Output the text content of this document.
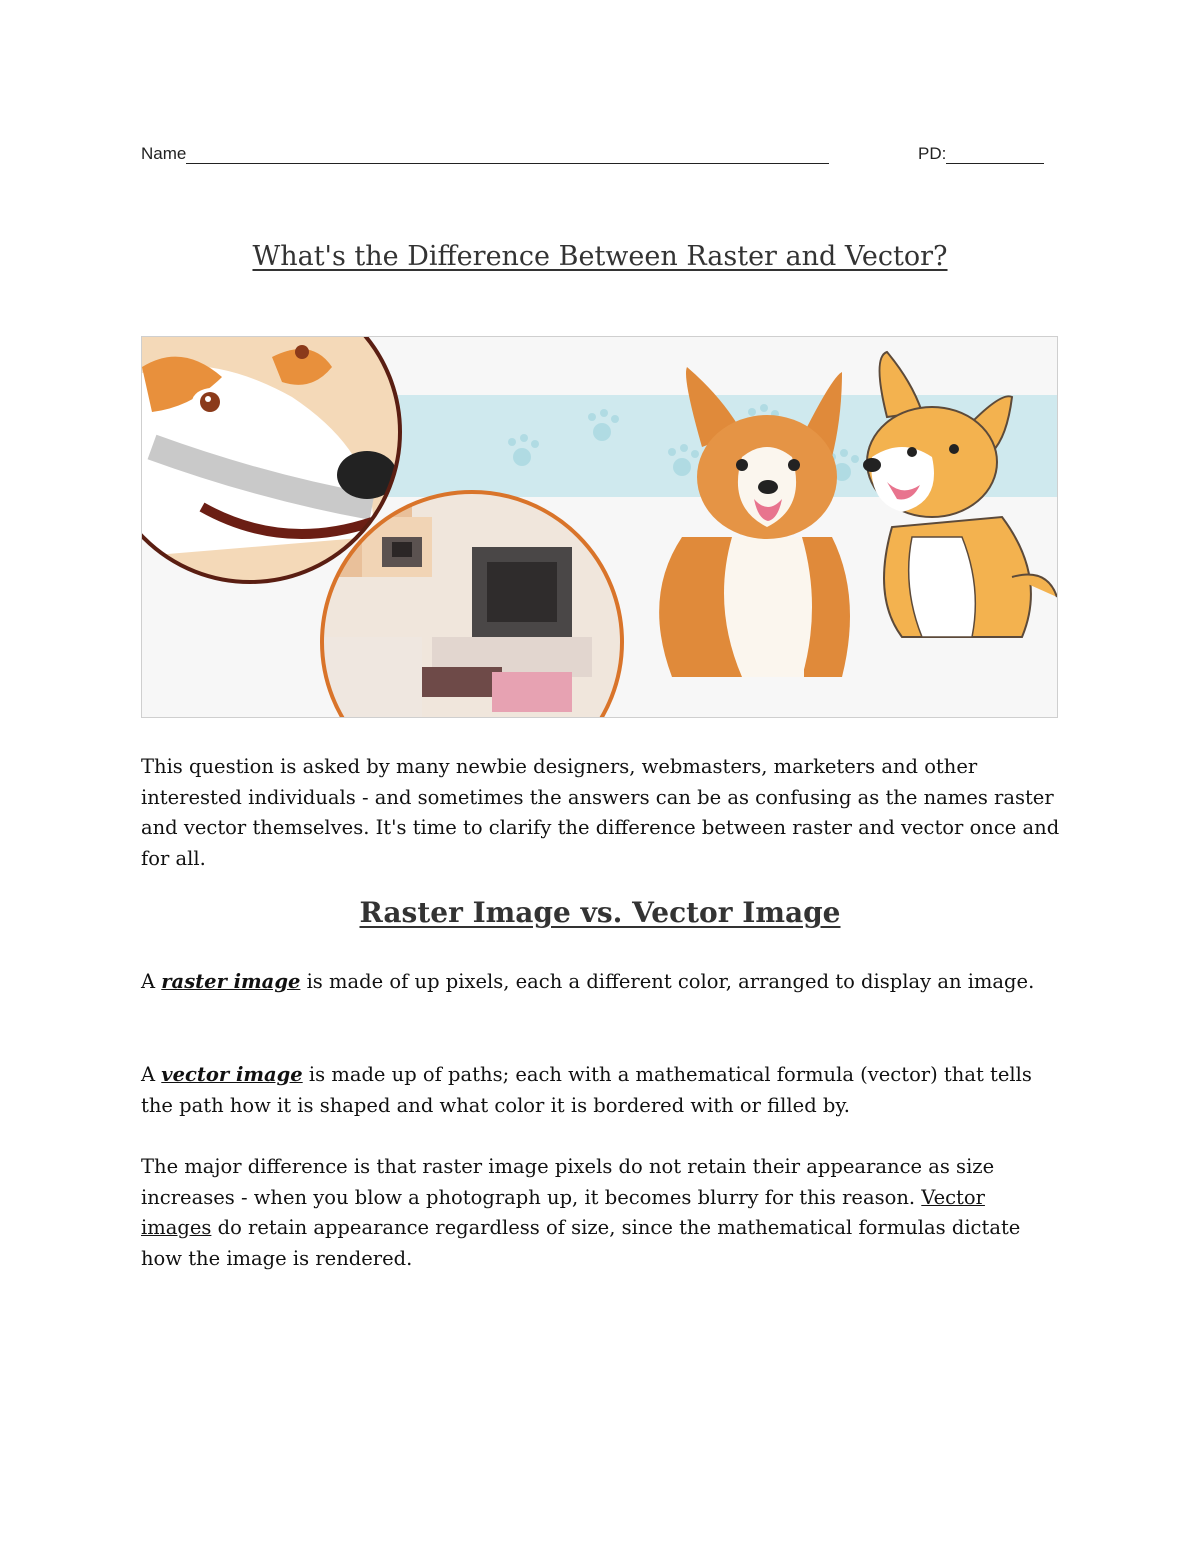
Name	PD:
What's the Difference Between Raster and Vector?
This question is asked by many newbie designers, webmasters, marketers and other interested individuals - and sometimes the answers can be as confusing as the names raster and vector themselves. It's time to clarify the difference between raster and vector once and for all.
Raster Image vs. Vector Image
A raster image is made of up pixels, each a different color, arranged to display an image.
A vector image is made up of paths; each with a mathematical formula (vector) that tells the path how it is shaped and what color it is bordered with or filled by.
The major difference is that raster image pixels do not retain their appearance as size increases - when you blow a photograph up, it becomes blurry for this reason. Vector images do retain appearance regardless of size, since the mathematical formulas dictate how the image is rendered.
